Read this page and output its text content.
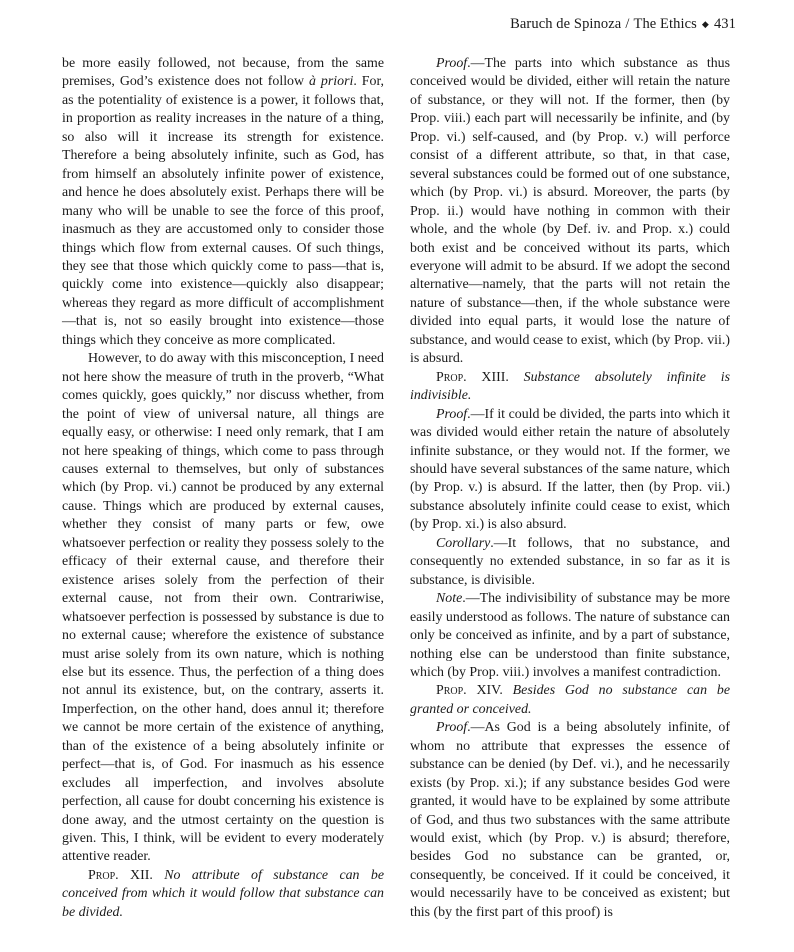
Baruch de Spinoza / The Ethics ◆ 431

be more easily followed, not because, from the same premises, God’s existence does not follow à priori. For, as the potentiality of existence is a power, it follows that, in proportion as reality increases in the nature of a thing, so also will it increase its strength for existence. Therefore a being absolutely infinite, such as God, has from himself an absolutely infinite power of existence, and hence he does absolutely exist. Perhaps there will be many who will be unable to see the force of this proof, inasmuch as they are accustomed only to consider those things which flow from external causes. Of such things, they see that those which quickly come to pass—that is, quickly come into existence—quickly also disappear; whereas they regard as more difficult of accomplishment—that is, not so easily brought into existence—those things which they conceive as more complicated.

However, to do away with this misconception, I need not here show the measure of truth in the proverb, “What comes quickly, goes quickly,” nor discuss whether, from the point of view of universal nature, all things are equally easy, or otherwise: I need only remark, that I am not here speaking of things, which come to pass through causes external to themselves, but only of substances which (by Prop. vi.) cannot be produced by any external cause. Things which are produced by external causes, whether they consist of many parts or few, owe whatsoever perfection or reality they possess solely to the efficacy of their external cause, and therefore their existence arises solely from the perfection of their external cause, not from their own. Contrariwise, whatsoever perfection is possessed by substance is due to no external cause; wherefore the existence of substance must arise solely from its own nature, which is nothing else but its essence. Thus, the perfection of a thing does not annul its existence, but, on the contrary, asserts it. Imperfection, on the other hand, does annul it; therefore we cannot be more certain of the existence of anything, than of the existence of a being absolutely infinite or perfect—that is, of God. For inasmuch as his essence excludes all imperfection, and involves absolute perfection, all cause for doubt concerning his existence is done away, and the utmost certainty on the question is given. This, I think, will be evident to every moderately attentive reader.

Prop. XII. No attribute of substance can be conceived from which it would follow that substance can be divided.

Proof.—The parts into which substance as thus conceived would be divided, either will retain the nature of substance, or they will not. If the former, then (by Prop. viii.) each part will necessarily be infinite, and (by Prop. vi.) self-caused, and (by Prop. v.) will perforce consist of a different attribute, so that, in that case, several substances could be formed out of one substance, which (by Prop. vi.) is absurd. Moreover, the parts (by Prop. ii.) would have nothing in common with their whole, and the whole (by Def. iv. and Prop. x.) could both exist and be conceived without its parts, which everyone will admit to be absurd. If we adopt the second alternative—namely, that the parts will not retain the nature of substance—then, if the whole substance were divided into equal parts, it would lose the nature of substance, and would cease to exist, which (by Prop. vii.) is absurd.

Prop. XIII. Substance absolutely infinite is indivisible.

Proof.—If it could be divided, the parts into which it was divided would either retain the nature of absolutely infinite substance, or they would not. If the former, we should have several substances of the same nature, which (by Prop. v.) is absurd. If the latter, then (by Prop. vii.) substance absolutely infinite could cease to exist, which (by Prop. xi.) is also absurd.

Corollary.—It follows, that no substance, and consequently no extended substance, in so far as it is substance, is divisible.

Note.—The indivisibility of substance may be more easily understood as follows. The nature of substance can only be conceived as infinite, and by a part of substance, nothing else can be understood than finite substance, which (by Prop. viii.) involves a manifest contradiction.

Prop. XIV. Besides God no substance can be granted or conceived.

Proof.—As God is a being absolutely infinite, of whom no attribute that expresses the essence of substance can be denied (by Def. vi.), and he necessarily exists (by Prop. xi.); if any substance besides God were granted, it would have to be explained by some attribute of God, and thus two substances with the same attribute would exist, which (by Prop. v.) is absurd; therefore, besides God no substance can be granted, or, consequently, be conceived. If it could be conceived, it would necessarily have to be conceived as existent; but this (by the first part of this proof) is
